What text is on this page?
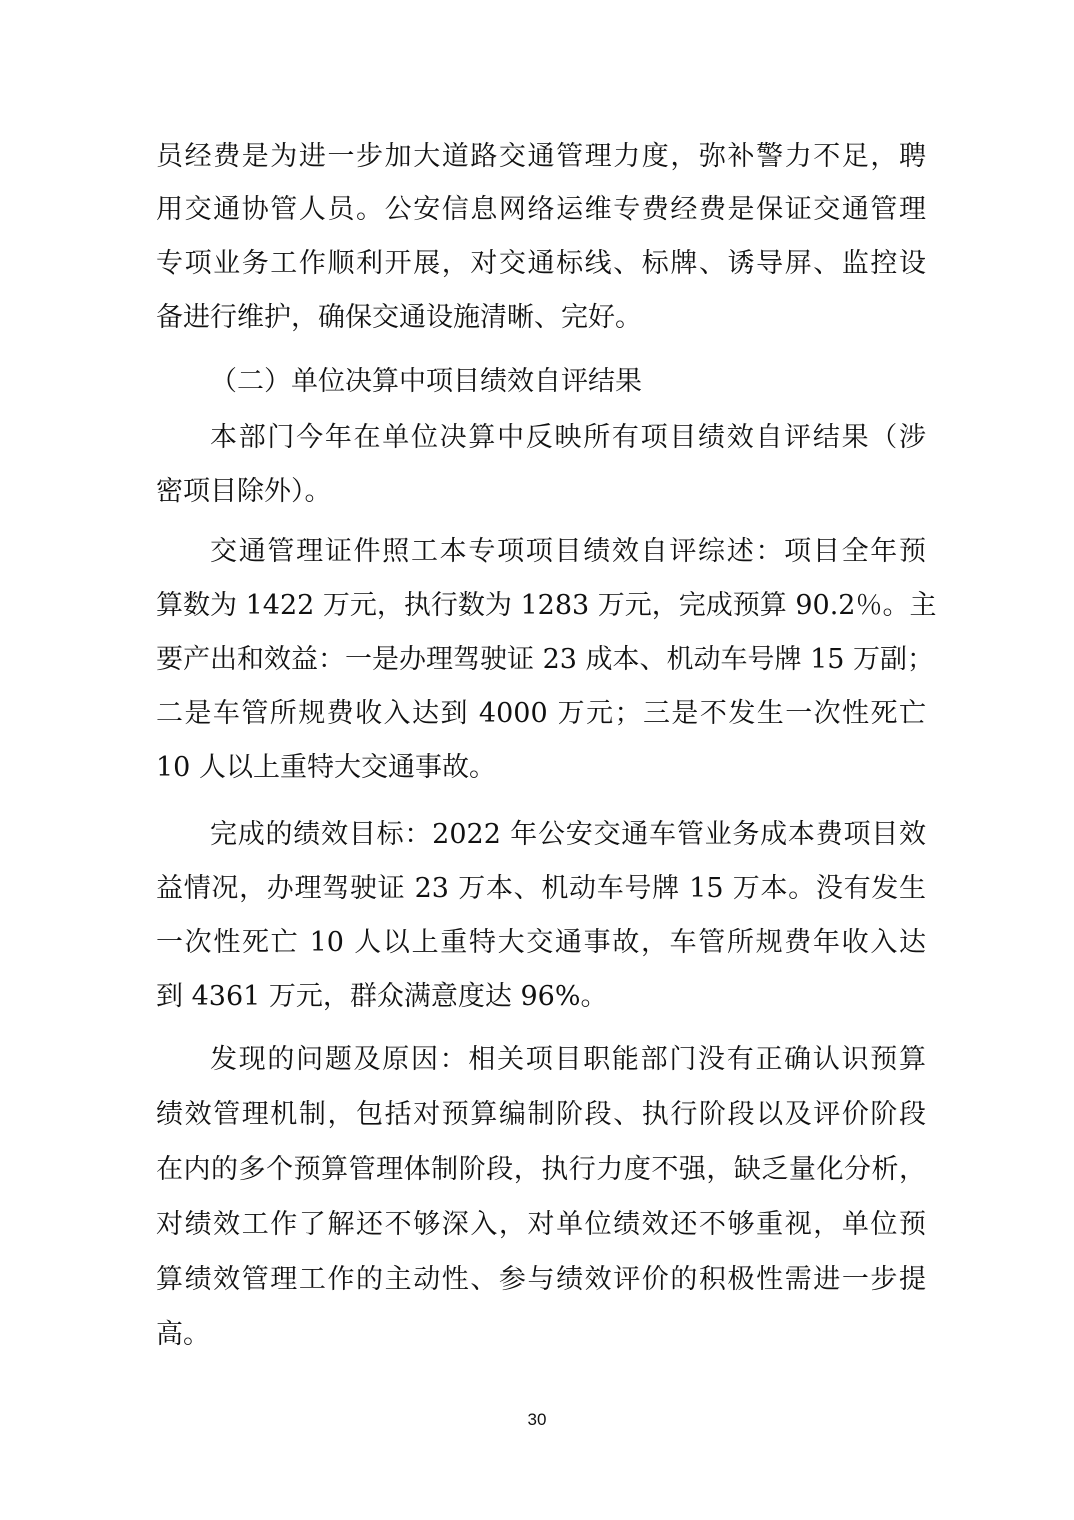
员经费是为进一步加大道路交通管理力度，弥补警力不足，聘
用交通协管人员。公安信息网络运维专费经费是保证交通管理
专项业务工作顺利开展，对交通标线、标牌、诱导屏、监控设
备进行维护，确保交通设施清晰、完好。
（二）单位决算中项目绩效自评结果
本部门今年在单位决算中反映所有项目绩效自评结果（涉
密项目除外）。
交通管理证件照工本专项项目绩效自评综述：项目全年预
算数为 1422 万元，执行数为 1283 万元，完成预算 90.2％。主
要产出和效益：一是办理驾驶证 23 成本、机动车号牌 15 万副；
二是车管所规费收入达到 4000 万元；三是不发生一次性死亡
10 人以上重特大交通事故。
完成的绩效目标：2022 年公安交通车管业务成本费项目效
益情况，办理驾驶证 23 万本、机动车号牌 15 万本。没有发生
一次性死亡 10 人以上重特大交通事故，车管所规费年收入达
到 4361 万元，群众满意度达 96%。
发现的问题及原因：相关项目职能部门没有正确认识预算
绩效管理机制，包括对预算编制阶段、执行阶段以及评价阶段
在内的多个预算管理体制阶段，执行力度不强，缺乏量化分析，
对绩效工作了解还不够深入，对单位绩效还不够重视，单位预
算绩效管理工作的主动性、参与绩效评价的积极性需进一步提
高。
30
